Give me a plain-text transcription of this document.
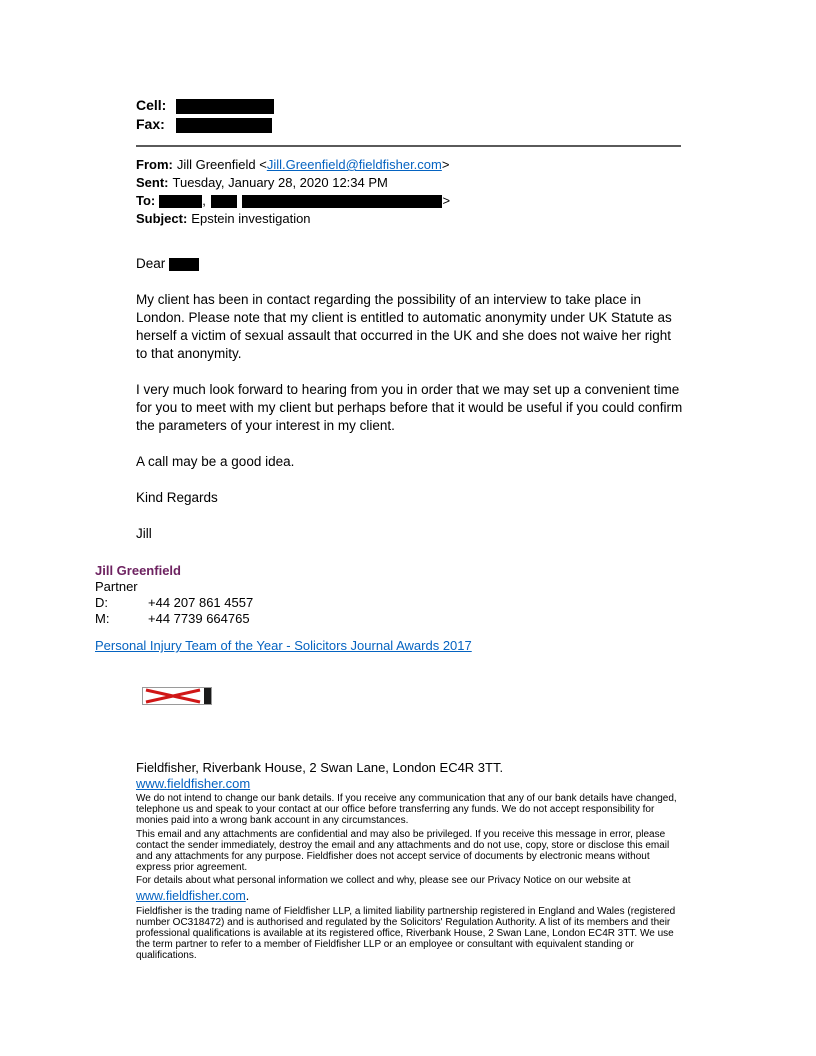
Cell:
Fax:
From: Jill Greenfield <Jill.Greenfield@fieldfisher.com>
Sent: Tuesday, January 28, 2020 12:34 PM
To:	,	>
Subject: Epstein investigation

Dear

My client has been in contact regarding the possibility of an interview to take place in London. Please note that my client is entitled to automatic anonymity under UK Statute as herself a victim of sexual assault that occurred in the UK and she does not waive her right to that anonymity.

I very much look forward to hearing from you in order that we may set up a convenient time for you to meet with my client but perhaps before that it would be useful if you could confirm the parameters of your interest in my client.

A call may be a good idea.

Kind Regards

Jill

Jill Greenfield
Partner
D:	+44 207 861 4557
M:	+44 7739 664765
Personal Injury Team of the Year - Solicitors Journal Awards 2017
Fieldfisher, Riverbank House, 2 Swan Lane, London EC4R 3TT.
www.fieldfisher.com
We do not intend to change our bank details. If you receive any communication that any of our bank details have changed, telephone us and speak to your contact at our office before transferring any funds. We do not accept responsibility for monies paid into a wrong bank account in any circumstances.
This email and any attachments are confidential and may also be privileged. If you receive this message in error, please contact the sender immediately, destroy the email and any attachments and do not use, copy, store or disclose this email and any attachments for any purpose. Fieldfisher does not accept service of documents by electronic means without express prior agreement.
For details about what personal information we collect and why, please see our Privacy Notice on our website at
www.fieldfisher.com.
Fieldfisher is the trading name of Fieldfisher LLP, a limited liability partnership registered in England and Wales (registered number OC318472) and is authorised and regulated by the Solicitors' Regulation Authority. A list of its members and their professional qualifications is available at its registered office, Riverbank House, 2 Swan Lane, London EC4R 3TT. We use the term partner to refer to a member of Fieldfisher LLP or an employee or consultant with equivalent standing or qualifications.
